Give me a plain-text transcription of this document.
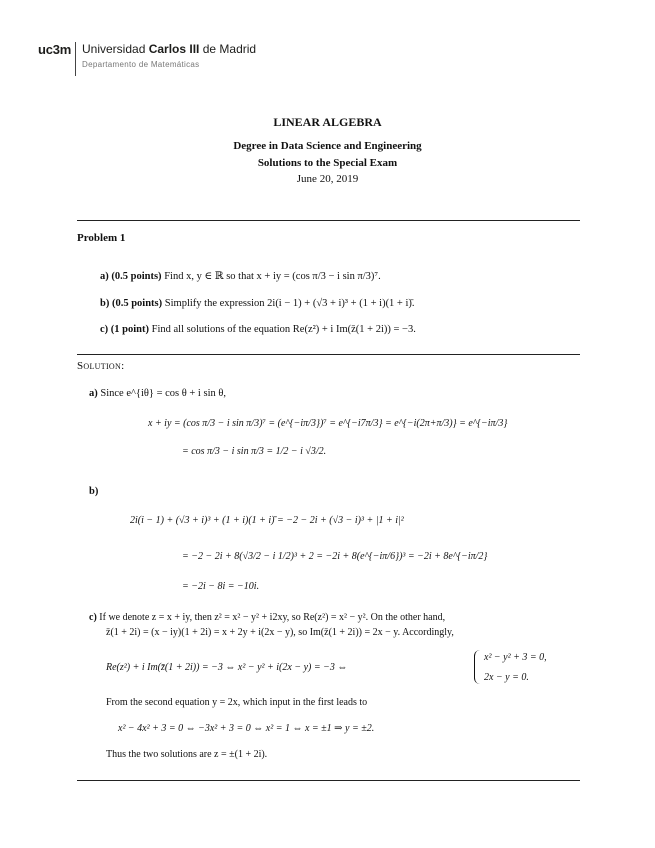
uc3m Universidad Carlos III de Madrid
Departamento de Matemáticas
LINEAR ALGEBRA
Degree in Data Science and Engineering
Solutions to the Special Exam
June 20, 2019
Problem 1
a) (0.5 points) Find x, y ∈ ℝ so that x + iy = (cos π/3 − i sin π/3)⁷.
b) (0.5 points) Simplify the expression 2i(i − 1) + (√3 + i)³ + (1 + i)(1 + i)̄.
c) (1 point) Find all solutions of the equation Re(z²) + i Im(z̄(1 + 2i)) = −3.
Solution:
a) Since e^{iθ} = cos θ + i sin θ,
x + iy = (cos π/3 − i sin π/3)⁷ = (e^{−iπ/3})⁷ = e^{−i7π/3} = e^{−i(2π+π/3)} = e^{−iπ/3}
= cos π/3 − i sin π/3 = 1/2 − i √3/2.
b)
2i(i − 1) + (√3 + i)³ + (1 + i)(1 + i)̄ = −2 − 2i + (√3 − i)³ + |1 + i|²
= −2 − 2i + 8(√3/2 − i 1/2)³ + 2 = −2i + 8(e^{−iπ/6})³ = −2i + 8e^{−iπ/2}
= −2i − 8i = −10i.
c) If we denote z = x + iy, then z² = x² − y² + i2xy, so Re(z²) = x² − y². On the other hand,
z̄(1 + 2i) = (x − iy)(1 + 2i) = x + 2y + i(2x − y), so Im(z̄(1 + 2i)) = 2x − y. Accordingly,
Re(z²) + i Im(z̄(1 + 2i)) = −3 ⇔ x² − y² + i(2x − y) = −3 ⇔
x² − y² + 3 = 0,
2x − y = 0.
From the second equation y = 2x, which input in the first leads to
x² − 4x² + 3 = 0 ⇔ −3x² + 3 = 0 ⇔ x² = 1 ⇔ x = ±1 ⇒ y = ±2.
Thus the two solutions are z = ±(1 + 2i).
